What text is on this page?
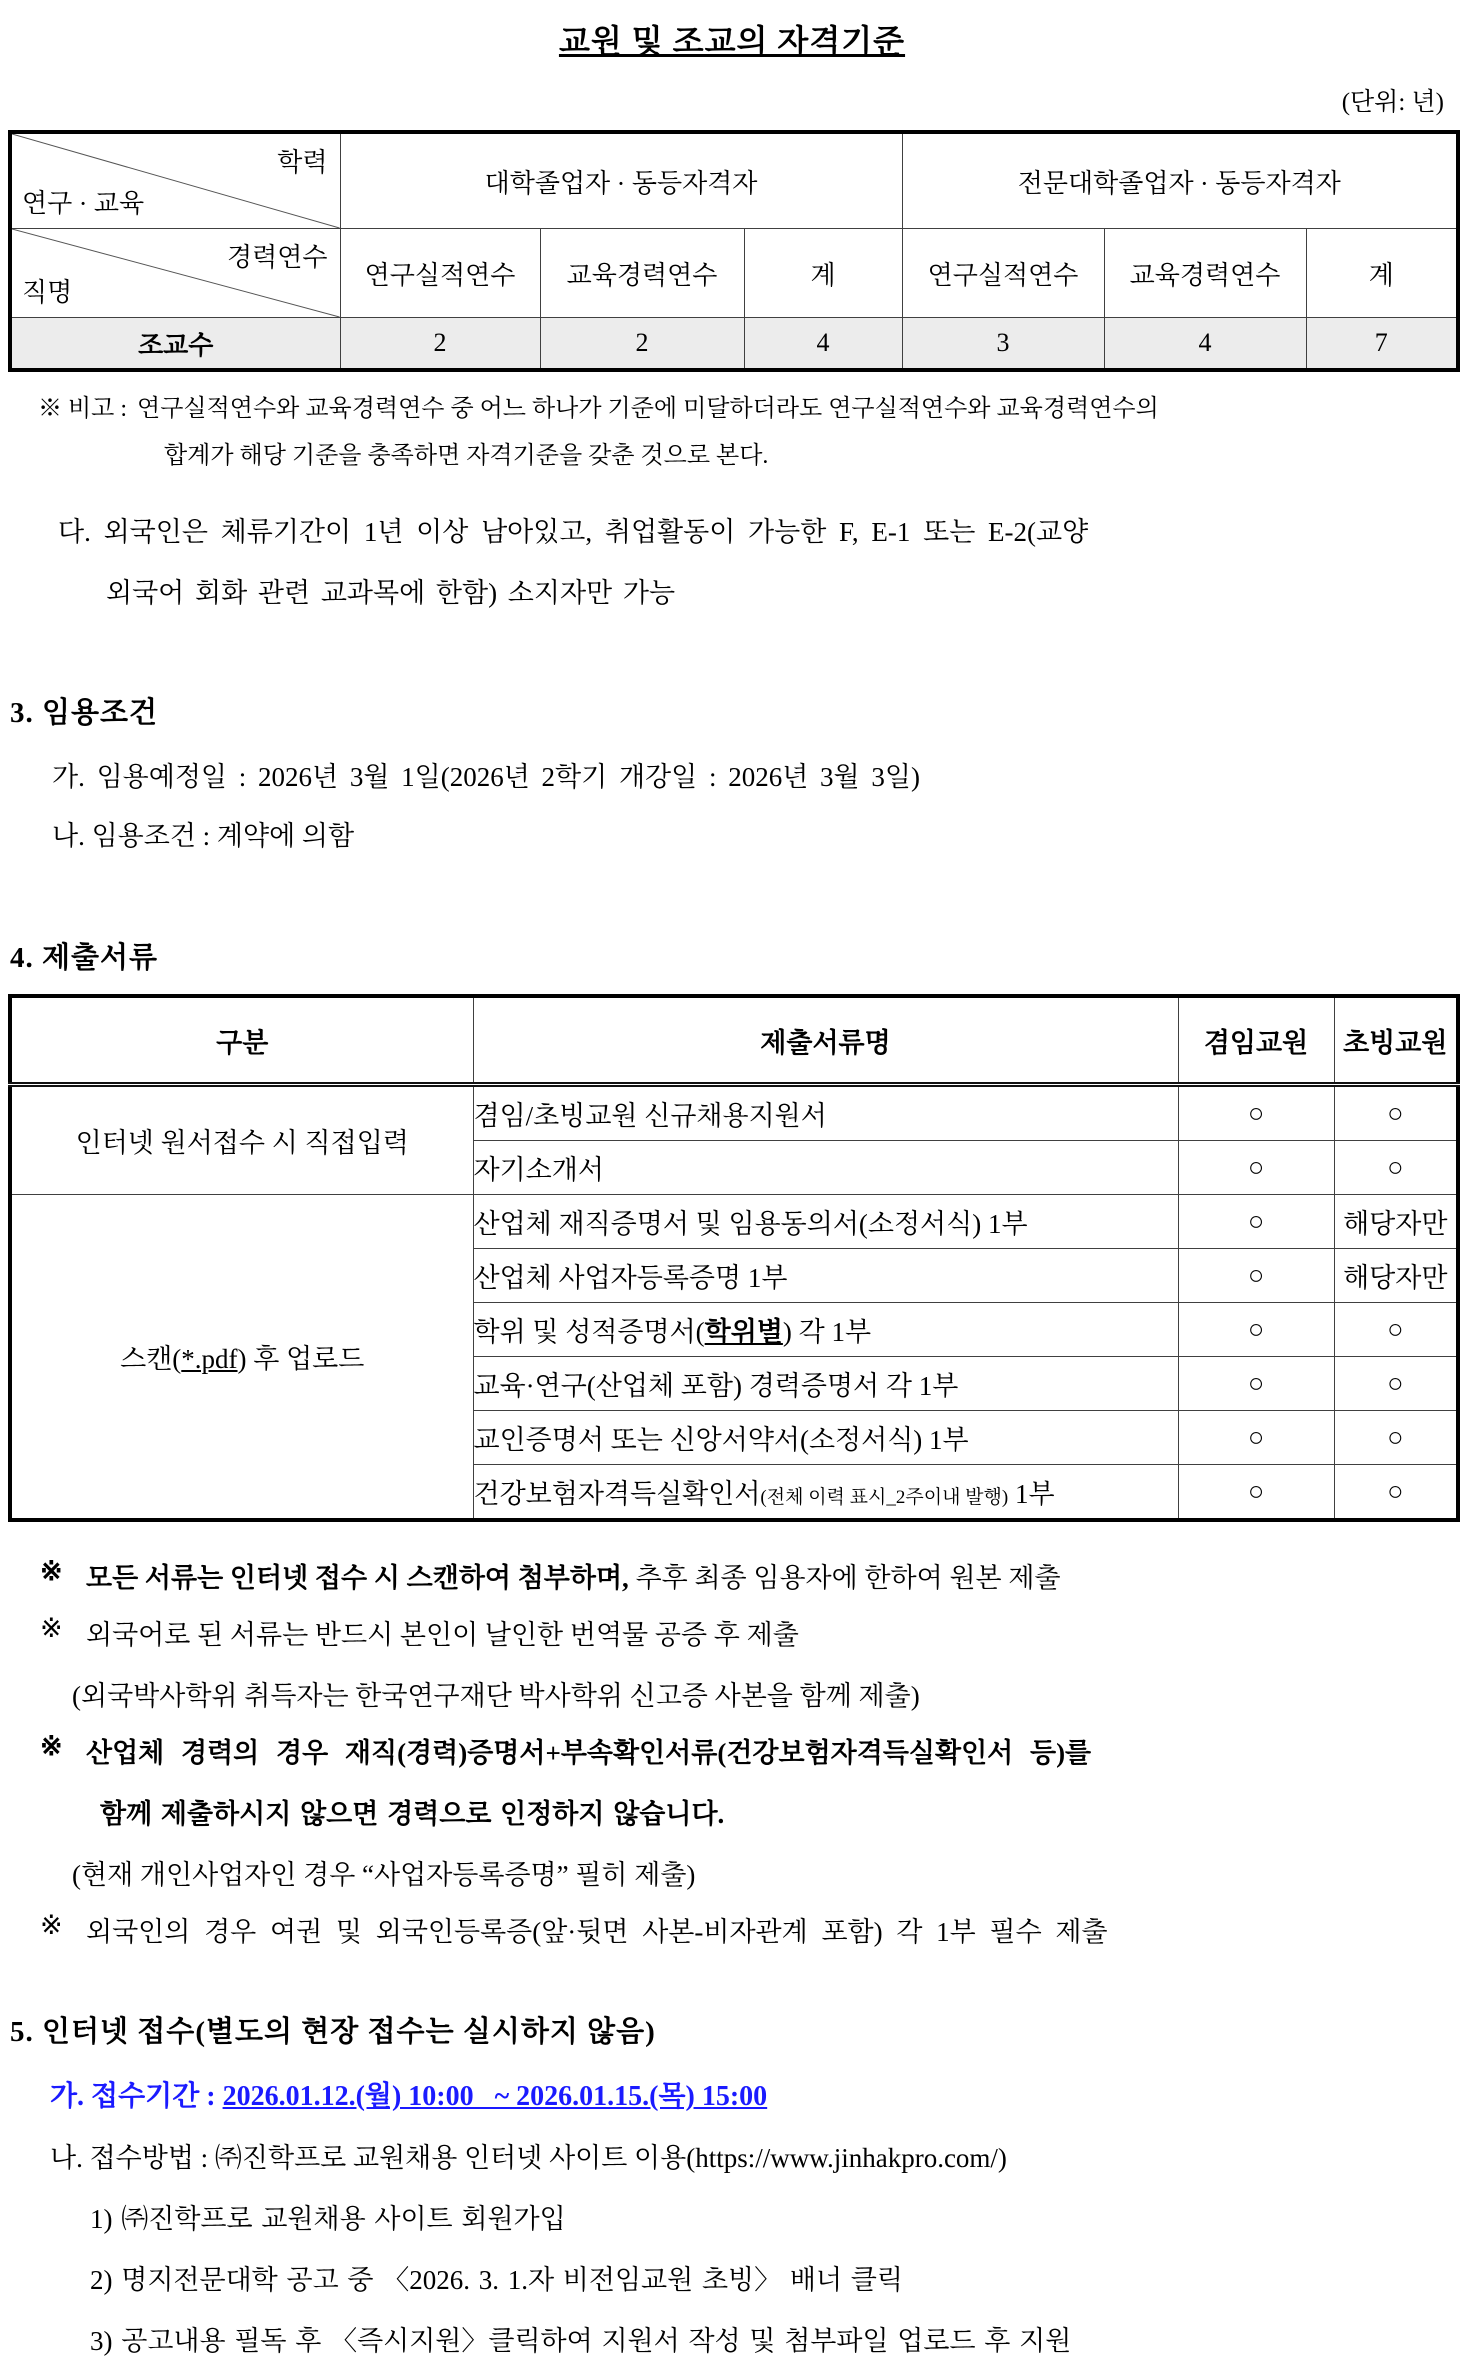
교원 및 조교의 자격기준
(단위: 년)
학력
연구 · 교육	대학졸업자 · 동등자격자			전문대학졸업자 · 동등자격자		

경력연수
직명	연구실적연수	교육경력연수	계	연구실적연수	교육경력연수	계
조교수	2	2	4	3	4	7
※ 비고 : 연구실적연수와 교육경력연수 중 어느 하나가 기준에 미달하더라도 연구실적연수와 교육경력연수의
합계가 해당 기준을 충족하면 자격기준을 갖춘 것으로 본다.
다. 외국인은 체류기간이 1년 이상 남아있고, 취업활동이 가능한 F, E-1 또는 E-2(교양
외국어 회화 관련 교과목에 한함) 소지자만 가능
3. 임용조건
가. 임용예정일 : 2026년 3월 1일(2026년 2학기 개강일 : 2026년 3월 3일)
나. 임용조건 : 계약에 의함
4. 제출서류
구분	제출서류명	겸임교원	초빙교원
인터넷 원서접수 시 직접입력	겸임/초빙교원 신규채용지원서	○	○
	자기소개서	○	○
스캔(*.pdf) 후 업로드	산업체 재직증명서 및 임용동의서(소정서식) 1부	○	해당자만
	산업체 사업자등록증명 1부	○	해당자만
	학위 및 성적증명서(학위별) 각 1부	○	○
	교육·연구(산업체 포함) 경력증명서 각 1부	○	○
	교인증명서 또는 신앙서약서(소정서식) 1부	○	○
	건강보험자격득실확인서(전체 이력 표시_2주이내 발행) 1부	○	○
※ 모든 서류는 인터넷 접수 시 스캔하여 첨부하며, 추후 최종 임용자에 한하여 원본 제출
※ 외국어로 된 서류는 반드시 본인이 날인한 번역물 공증 후 제출
(외국박사학위 취득자는 한국연구재단 박사학위 신고증 사본을 함께 제출)
※ 산업체 경력의 경우 재직(경력)증명서+부속확인서류(건강보험자격득실확인서 등)를
함께 제출하시지 않으면 경력으로 인정하지 않습니다.
(현재 개인사업자인 경우 “사업자등록증명” 필히 제출)
※ 외국인의 경우 여권 및 외국인등록증(앞·뒷면 사본-비자관계 포함) 각 1부 필수 제출
5. 인터넷 접수(별도의 현장 접수는 실시하지 않음)
가. 접수기간 : 2026.01.12.(월) 10:00   ~ 2026.01.15.(목) 15:00
나. 접수방법 : ㈜진학프로 교원채용 인터넷 사이트 이용(https://www.jinhakpro.com/)
1) ㈜진학프로 교원채용 사이트 회원가입
2) 명지전문대학 공고 중 〈2026. 3. 1.자 비전임교원 초빙〉 배너 클릭
3) 공고내용 필독 후 〈즉시지원〉클릭하여 지원서 작성 및 첨부파일 업로드 후 지원
